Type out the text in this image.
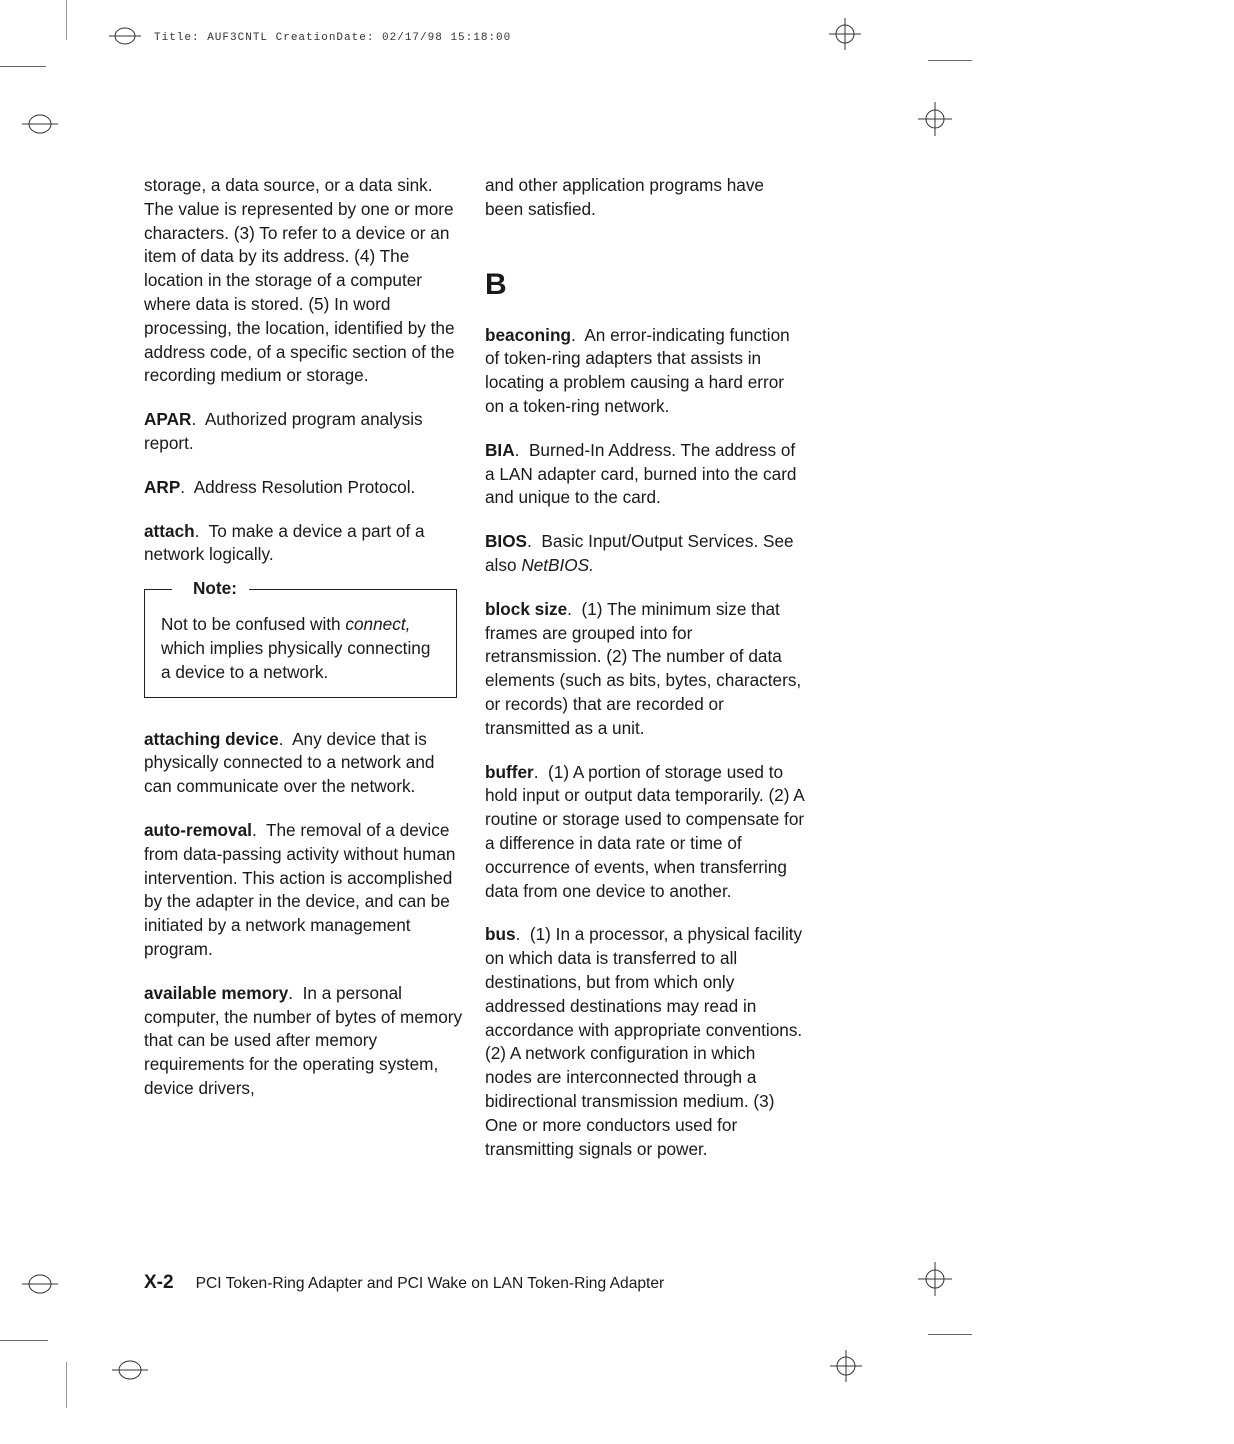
Title: AUF3CNTL CreationDate: 02/17/98 15:18:00

storage, a data source, or a data sink. The value is represented by one or more characters. (3) To refer to a device or an item of data by its address. (4) The location in the storage of a computer where data is stored. (5) In word processing, the location, identified by the address code, of a specific section of the recording medium or storage.

APAR.  Authorized program analysis report.

ARP.  Address Resolution Protocol.

attach.  To make a device a part of a network logically.

Note:
Not to be confused with connect, which implies physically connecting a device to a network.

attaching device.  Any device that is physically connected to a network and can communicate over the network.

auto-removal.  The removal of a device from data-passing activity without human intervention. This action is accomplished by the adapter in the device, and can be initiated by a network management program.

available memory.  In a personal computer, the number of bytes of memory that can be used after memory requirements for the operating system, device drivers,

and other application programs have been satisfied.

B

beaconing.  An error-indicating function of token-ring adapters that assists in locating a problem causing a hard error on a token-ring network.

BIA.  Burned-In Address. The address of a LAN adapter card, burned into the card and unique to the card.

BIOS.  Basic Input/Output Services. See also NetBIOS.

block size.  (1) The minimum size that frames are grouped into for retransmission. (2) The number of data elements (such as bits, bytes, characters, or records) that are recorded or transmitted as a unit.

buffer.  (1) A portion of storage used to hold input or output data temporarily. (2) A routine or storage used to compensate for a difference in data rate or time of occurrence of events, when transferring data from one device to another.

bus.  (1) In a processor, a physical facility on which data is transferred to all destinations, but from which only addressed destinations may read in accordance with appropriate conventions. (2) A network configuration in which nodes are interconnected through a bidirectional transmission medium. (3) One or more conductors used for transmitting signals or power.

X-2 PCI Token-Ring Adapter and PCI Wake on LAN Token-Ring Adapter
